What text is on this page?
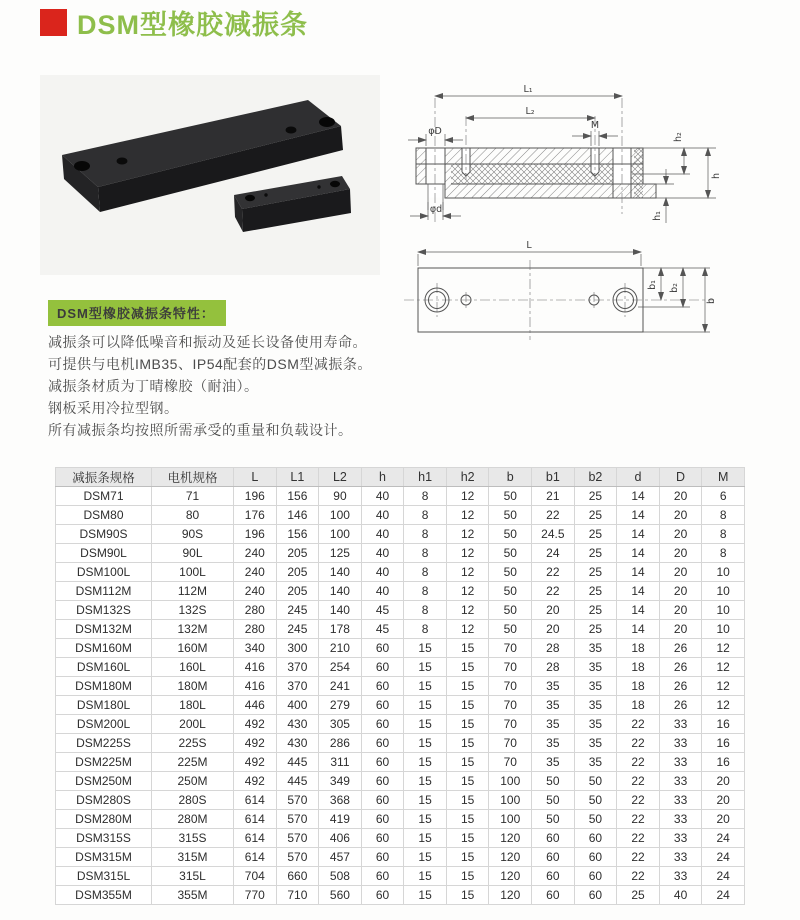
DSM型橡胶减振条
L₁
L₂
φD
M
h₂
h
h₁
φd
L
b₁ b₂
b
DSM型橡胶减振条特性：
减振条可以降低噪音和振动及延长设备使用寿命。
可提供与电机IMB35、IP54配套的DSM型减振条。
减振条材质为丁晴橡胶（耐油）。
钢板采用冷拉型钢。
所有减振条均按照所需承受的重量和负载设计。
减振条规格	电机规格	L	L1	L2	h	h1	h2	b	b1	b2	d	D	M
DSM71	71	196	156	90	40	8	12	50	21	25	14	20	6
DSM80	80	176	146	100	40	8	12	50	22	25	14	20	8
DSM90S	90S	196	156	100	40	8	12	50	24.5	25	14	20	8
DSM90L	90L	240	205	125	40	8	12	50	24	25	14	20	8
DSM100L	100L	240	205	140	40	8	12	50	22	25	14	20	10
DSM112M	112M	240	205	140	40	8	12	50	22	25	14	20	10
DSM132S	132S	280	245	140	45	8	12	50	20	25	14	20	10
DSM132M	132M	280	245	178	45	8	12	50	20	25	14	20	10
DSM160M	160M	340	300	210	60	15	15	70	28	35	18	26	12
DSM160L	160L	416	370	254	60	15	15	70	28	35	18	26	12
DSM180M	180M	416	370	241	60	15	15	70	35	35	18	26	12
DSM180L	180L	446	400	279	60	15	15	70	35	35	18	26	12
DSM200L	200L	492	430	305	60	15	15	70	35	35	22	33	16
DSM225S	225S	492	430	286	60	15	15	70	35	35	22	33	16
DSM225M	225M	492	445	311	60	15	15	70	35	35	22	33	16
DSM250M	250M	492	445	349	60	15	15	100	50	50	22	33	20
DSM280S	280S	614	570	368	60	15	15	100	50	50	22	33	20
DSM280M	280M	614	570	419	60	15	15	100	50	50	22	33	20
DSM315S	315S	614	570	406	60	15	15	120	60	60	22	33	24
DSM315M	315M	614	570	457	60	15	15	120	60	60	22	33	24
DSM315L	315L	704	660	508	60	15	15	120	60	60	22	33	24
DSM355M	355M	770	710	560	60	15	15	120	60	60	25	40	24
